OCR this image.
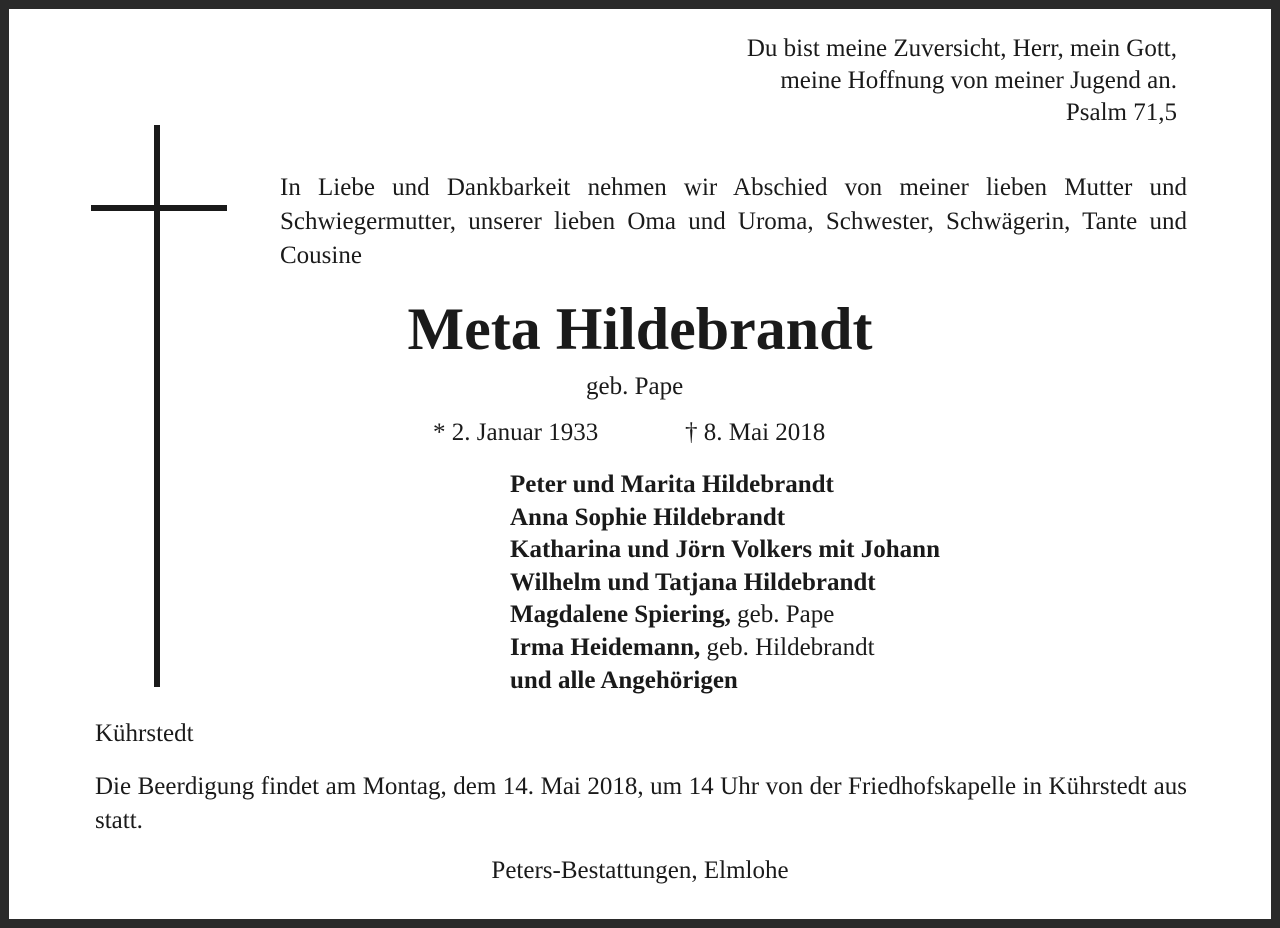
Du bist meine Zuversicht, Herr, mein Gott,
meine Hoffnung von meiner Jugend an.
Psalm 71,5
In Liebe und Dankbarkeit nehmen wir Abschied von meiner lieben Mutter und Schwiegermutter, unserer lieben Oma und Uroma, Schwester, Schwägerin, Tante und Cousine
Meta Hildebrandt
geb. Pape
* 2. Januar 1933	† 8. Mai 2018
Peter und Marita Hildebrandt
Anna Sophie Hildebrandt
Katharina und Jörn Volkers mit Johann
Wilhelm und Tatjana Hildebrandt
Magdalene Spiering, geb. Pape
Irma Heidemann, geb. Hildebrandt
und alle Angehörigen
Kührstedt
Die Beerdigung findet am Montag, dem 14. Mai 2018, um 14 Uhr von der Friedhofskapelle in Kührstedt aus statt.
Peters-Bestattungen, Elmlohe
